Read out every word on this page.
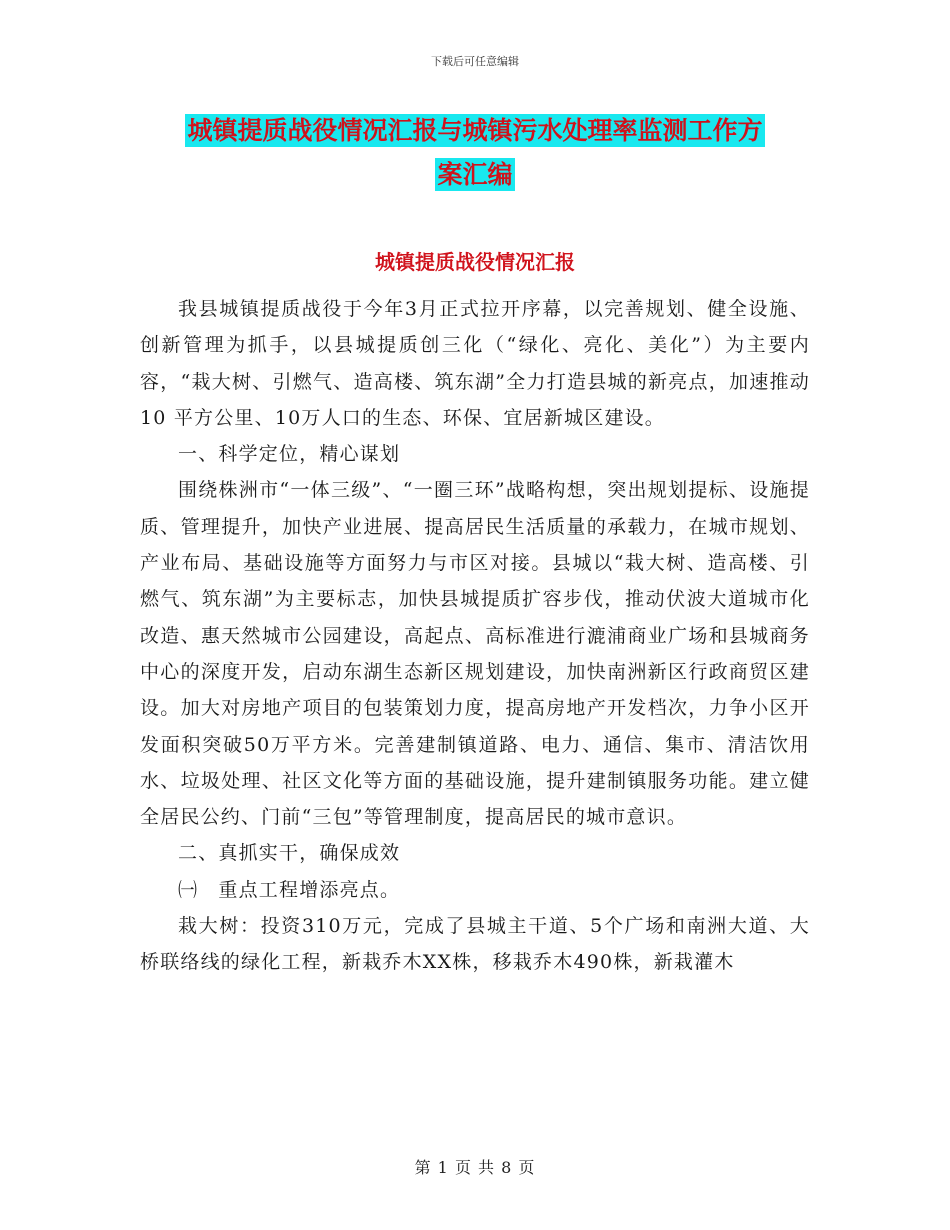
下载后可任意编辑
城镇提质战役情况汇报与城镇污水处理率监测工作方
案汇编
城镇提质战役情况汇报

我县城镇提质战役于今年3月正式拉开序幕，以完善规划、健全设施、创新管理为抓手，以县城提质创三化（“绿化、亮化、美化”）为主要内容，“栽大树、引燃气、造高楼、筑东湖”全力打造县城的新亮点，加速推动10 平方公里、10万人口的生态、环保、宜居新城区建设。

一、科学定位，精心谋划

围绕株洲市“一体三级”、“一圈三环”战略构想，突出规划提标、设施提质、管理提升，加快产业进展、提高居民生活质量的承载力，在城市规划、产业布局、基础设施等方面努力与市区对接。县城以“栽大树、造高楼、引燃气、筑东湖”为主要标志，加快县城提质扩容步伐，推动伏波大道城市化改造、惠天然城市公园建设，高起点、高标准进行漉浦商业广场和县城商务中心的深度开发，启动东湖生态新区规划建设，加快南洲新区行政商贸区建设。加大对房地产项目的包装策划力度，提高房地产开发档次，力争小区开发面积突破50万平方米。完善建制镇道路、电力、通信、集市、清洁饮用水、垃圾处理、社区文化等方面的基础设施，提升建制镇服务功能。建立健全居民公约、门前“三包”等管理制度，提高居民的城市意识。

二、真抓实干，确保成效

㈠　重点工程增添亮点。

栽大树：投资310万元，完成了县城主干道、5个广场和南洲大道、大桥联络线的绿化工程，新栽乔木XX株，移栽乔木490株，新栽灌木

第 1 页 共 8 页
